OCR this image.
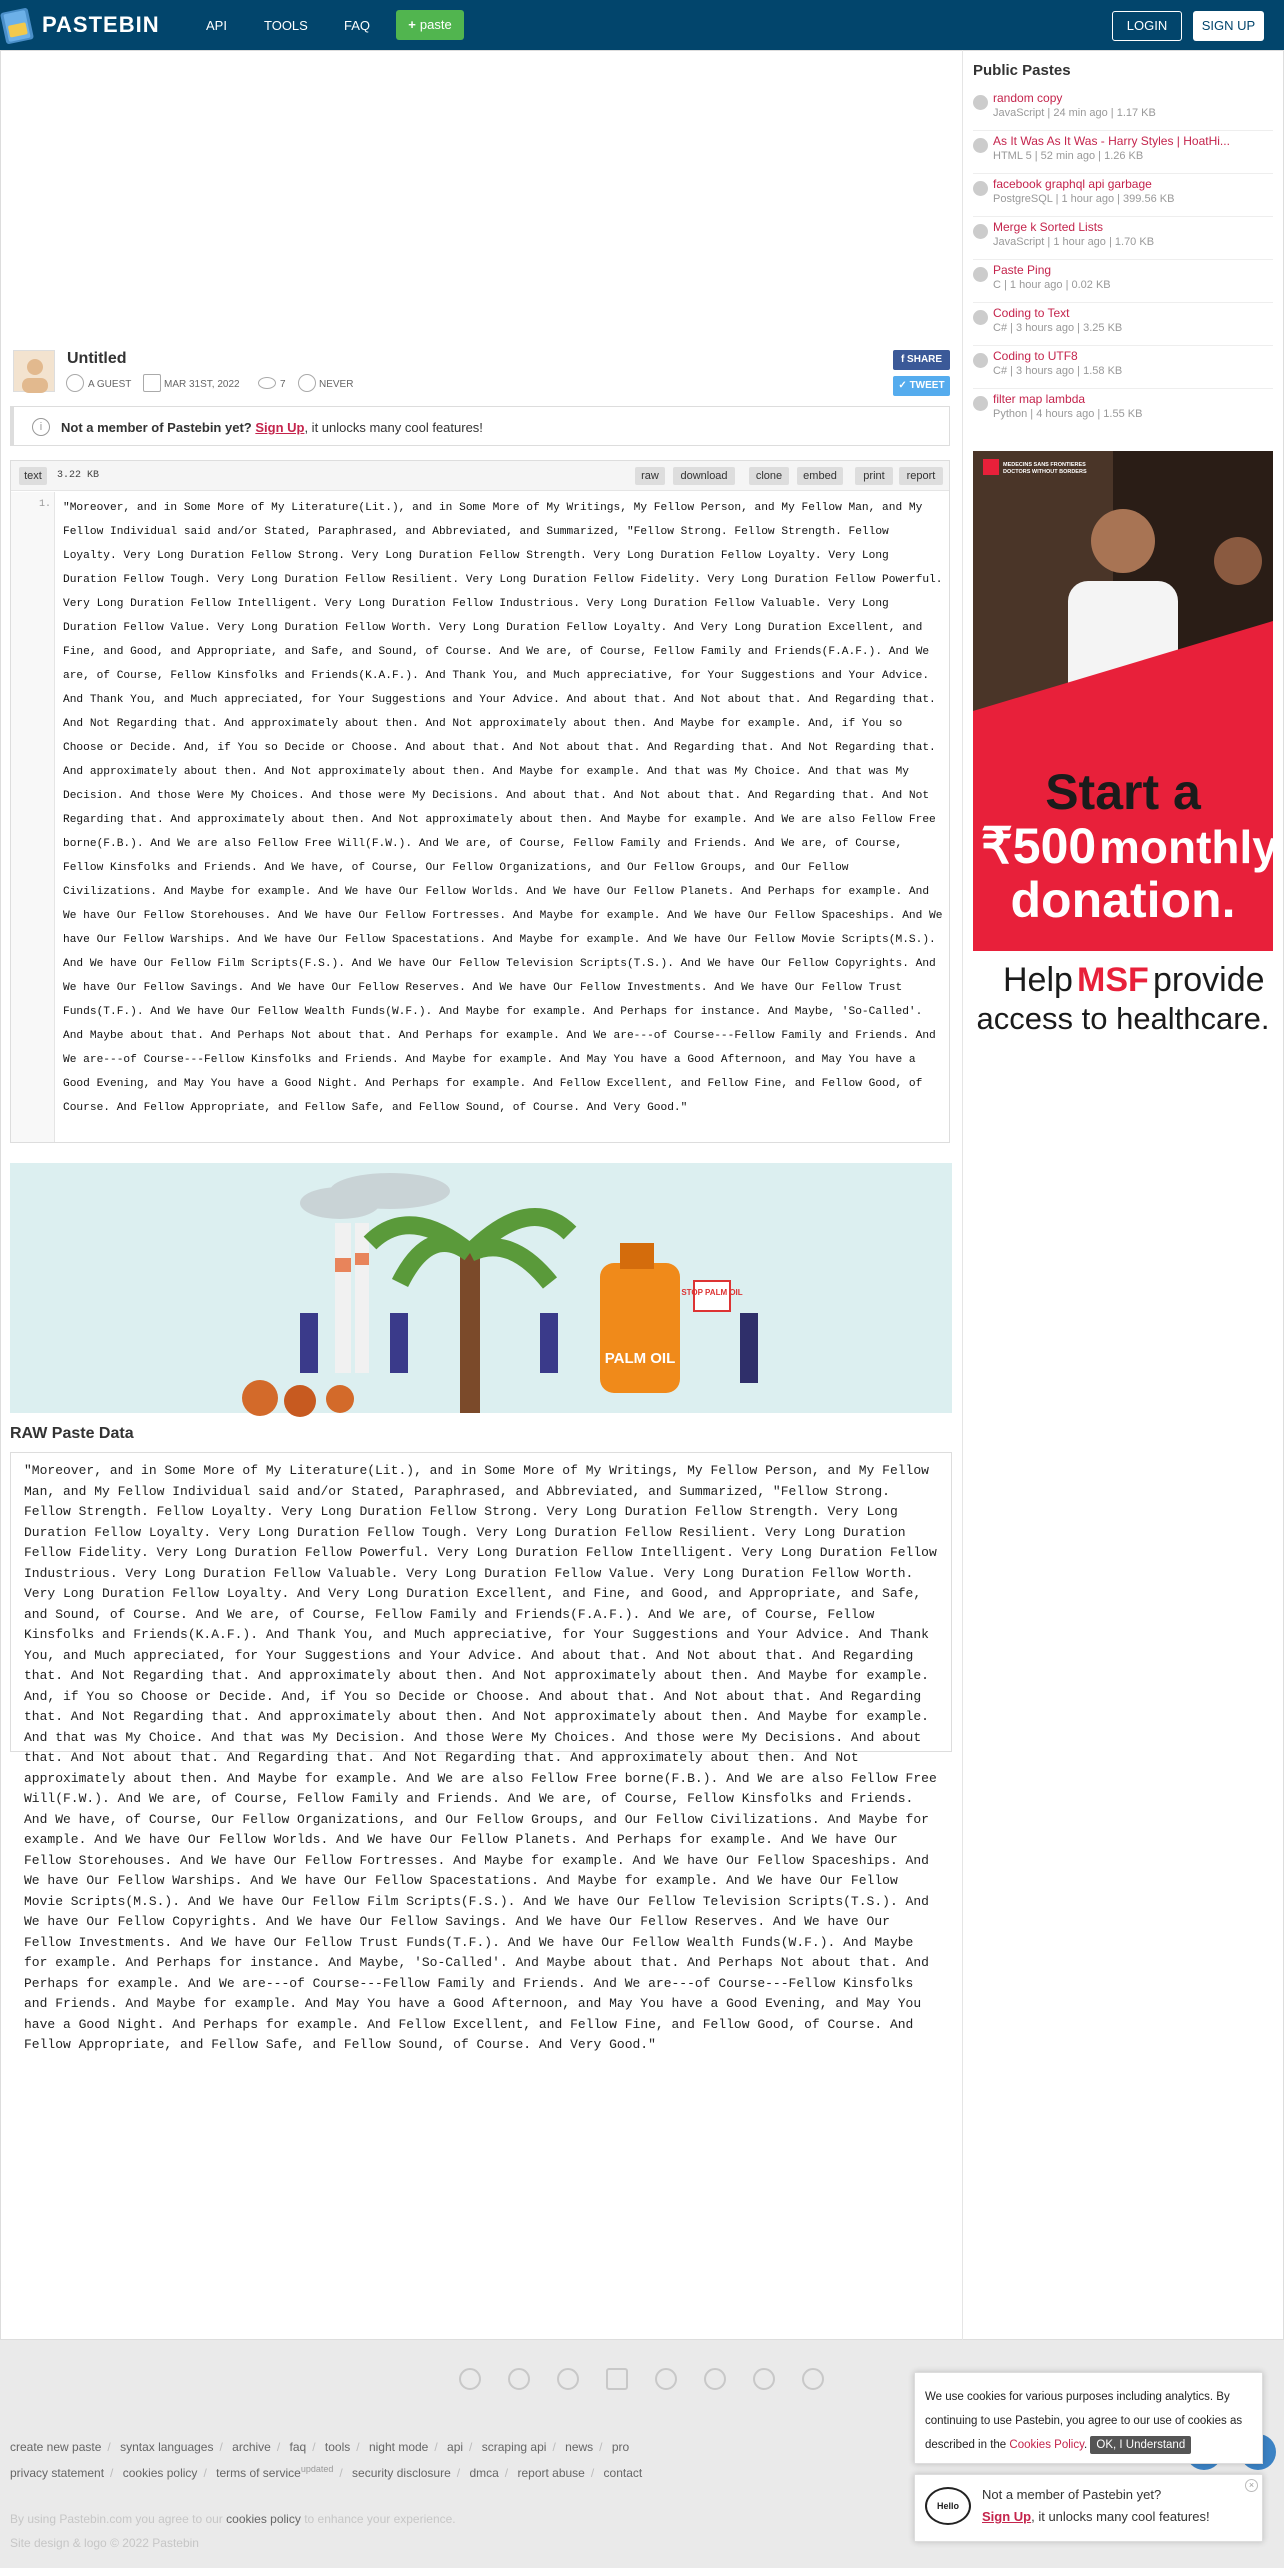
PASTEBIN	API	TOOLS	FAQ	+ paste	LOGIN	SIGN UP
Untitled
A GUEST	MAR 31ST, 2022	7	NEVER
f SHARE
✓ TWEET
i	Not a member of Pastebin yet? Sign Up, it unlocks many cool features!
text	3.22 KB	raw	download	clone	embed	print	report
1. "Moreover, and in Some More of My Literature(Lit.), and in Some More of My Writings, My Fellow Person, and My Fellow Man, and My Fellow Individual said and/or Stated, Paraphrased, and Abbreviated, and Summarized, "Fellow Strong. Fellow Strength. Fellow Loyalty. Very Long Duration Fellow Strong. Very Long Duration Fellow Strength. Very Long Duration Fellow Loyalty. Very Long Duration Fellow Tough. Very Long Duration Fellow Resilient. Very Long Duration Fellow Fidelity. Very Long Duration Fellow Powerful. Very Long Duration Fellow Intelligent. Very Long Duration Fellow Industrious. Very Long Duration Fellow Valuable. Very Long Duration Fellow Value. Very Long Duration Fellow Worth. Very Long Duration Fellow Loyalty. And Very Long Duration Excellent, and Fine, and Good, and Appropriate, and Safe, and Sound, of Course. And We are, of Course, Fellow Family and Friends(F.A.F.). And We are, of Course, Fellow Kinsfolks and Friends(K.A.F.). And Thank You, and Much appreciative, for Your Suggestions and Your Advice. And Thank You, and Much appreciated, for Your Suggestions and Your Advice. And about that. And Not about that. And Regarding that. And Not Regarding that. And approximately about then. And Not approximately about then. And Maybe for example. And, if You so Choose or Decide. And, if You so Decide or Choose. And about that. And Not about that. And Regarding that. And Not Regarding that. And approximately about then. And Not approximately about then. And Maybe for example. And that was My Choice. And that was My Decision. And those Were My Choices. And those were My Decisions. And about that. And Not about that. And Regarding that. And Not Regarding that. And approximately about then. And Not approximately about then. And Maybe for example. And We are also Fellow Free borne(F.B.). And We are also Fellow Free Will(F.W.). And We are, of Course, Fellow Family and Friends. And We are, of Course, Fellow Kinsfolks and Friends. And We have, of Course, Our Fellow Organizations, and Our Fellow Groups, and Our Fellow Civilizations. And Maybe for example. And We have Our Fellow Worlds. And We have Our Fellow Planets. And Perhaps for example. And We have Our Fellow Storehouses. And We have Our Fellow Fortresses. And Maybe for example. And We have Our Fellow Spaceships. And We have Our Fellow Warships. And We have Our Fellow Spacestations. And Maybe for example. And We have Our Fellow Movie Scripts(M.S.). And We have Our Fellow Film Scripts(F.S.). And We have Our Fellow Television Scripts(T.S.). And We have Our Fellow Copyrights. And We have Our Fellow Savings. And We have Our Fellow Reserves. And We have Our Fellow Investments. And We have Our Fellow Trust Funds(T.F.). And We have Our Fellow Wealth Funds(W.F.). And Maybe for example. And Perhaps for instance. And Maybe, 'So-Called'. And Maybe about that. And Perhaps Not about that. And Perhaps for example. And We are---of Course---Fellow Family and Friends. And We are---of Course---Fellow Kinsfolks and Friends. And Maybe for example. And May You have a Good Afternoon, and May You have a Good Evening, and May You have a Good Night. And Perhaps for example. And Fellow Excellent, and Fellow Fine, and Fellow Good, of Course. And Fellow Appropriate, and Fellow Safe, and Fellow Sound, of Course. And Very Good."
PALM OIL
STOP PALM OIL
RAW Paste Data
"Moreover, and in Some More of My Literature(Lit.), and in Some More of My Writings, My Fellow Person, and My Fellow Man, and My Fellow Individual said and/or Stated, Paraphrased, and Abbreviated, and Summarized, "Fellow Strong. Fellow Strength. Fellow Loyalty. Very Long Duration Fellow Strong. Very Long Duration Fellow Strength. Very Long Duration Fellow Loyalty. Very Long Duration Fellow Tough. Very Long Duration Fellow Resilient. Very Long Duration Fellow Fidelity. Very Long Duration Fellow Powerful. Very Long Duration Fellow Intelligent. Very Long Duration Fellow Industrious. Very Long Duration Fellow Valuable. Very Long Duration Fellow Value. Very Long Duration Fellow Worth. Very Long Duration Fellow Loyalty. And Very Long Duration Excellent, and Fine, and Good, and Appropriate, and Safe, and Sound, of Course. And We are, of Course, Fellow Family and Friends(F.A.F.). And We are, of Course, Fellow Kinsfolks and Friends(K.A.F.). And Thank You, and Much appreciative, for Your Suggestions and Your Advice. And Thank You, and Much appreciated, for Your Suggestions and Your Advice. And about that. And Not about that. And Regarding that. And Not Regarding that. And approximately about then. And Not approximately about then. And Maybe for example. And, if You so Choose or Decide. And, if You so Decide or Choose. And about that. And Not about that. And Regarding that. And Not Regarding that. And approximately about then. And Not approximately about then. And Maybe for example. And that was My Choice. And that was My Decision. And those Were My Choices. And those were My Decisions. And about that. And Not about that. And Regarding that. And Not Regarding that. And approximately about then. And Not approximately about then. And Maybe for example. And We are also Fellow Free borne(F.B.). And We are also Fellow Free Will(F.W.). And We are, of Course, Fellow Family and Friends. And We are, of Course, Fellow Kinsfolks and Friends. And We have, of Course, Our Fellow Organizations, and Our Fellow Groups, and Our Fellow Civilizations. And Maybe for example. And We have Our Fellow Worlds. And We have Our Fellow Planets. And Perhaps for example. And We have Our Fellow Storehouses. And We have Our Fellow Fortresses. And Maybe for example. And We have Our Fellow Spaceships. And We have Our Fellow Warships. And We have Our Fellow Spacestations. And Maybe for example. And We have Our Fellow Movie Scripts(M.S.). And We have Our Fellow Film Scripts(F.S.). And We have Our Fellow Television Scripts(T.S.). And We have Our Fellow Copyrights. And We have Our Fellow Savings. And We have Our Fellow Reserves. And We have Our Fellow Investments. And We have Our Fellow Trust Funds(T.F.). And We have Our Fellow Wealth Funds(W.F.). And Maybe for example. And Perhaps for instance. And Maybe, 'So-Called'. And Maybe about that. And Perhaps Not about that. And Perhaps for example. And We are---of Course---Fellow Family and Friends. And We are---of Course---Fellow Kinsfolks and Friends. And Maybe for example. And May You have a Good Afternoon, and May You have a Good Evening, and May You have a Good Night. And Perhaps for example. And Fellow Excellent, and Fellow Fine, and Fellow Good, of Course. And Fellow Appropriate, and Fellow Safe, and Fellow Sound, of Course. And Very Good."
Public Pastes
random copy
JavaScript | 24 min ago | 1.17 KB
As It Was As It Was - Harry Styles | HoatHi...
HTML 5 | 52 min ago | 1.26 KB
facebook graphql api garbage
PostgreSQL | 1 hour ago | 399.56 KB
Merge k Sorted Lists
JavaScript | 1 hour ago | 1.70 KB
Paste Ping
C | 1 hour ago | 0.02 KB
Coding to Text
C# | 3 hours ago | 3.25 KB
Coding to UTF8
C# | 3 hours ago | 1.58 KB
filter map lambda
Python | 4 hours ago | 1.55 KB
MEDECINS SANS FRONTIERES
DOCTORS WITHOUT BORDERS
Start a
₹500 monthly
donation.
Help MSF provide
access to healthcare.
create new paste / syntax languages / archive / faq / tools / night mode / api / scraping api / news / pro
privacy statement / cookies policy / terms of service$^{updated}$ / security disclosure / dmca / report abuse / contact
By using Pastebin.com you agree to our cookies policy to enhance your experience.
Site design & logo © 2022 Pastebin
We use cookies for various purposes including analytics. By continuing to use Pastebin, you agree to our use of cookies as described in the Cookies Policy. OK, I Understand
Hello
Not a member of Pastebin yet?
Sign Up, it unlocks many cool features!
×
